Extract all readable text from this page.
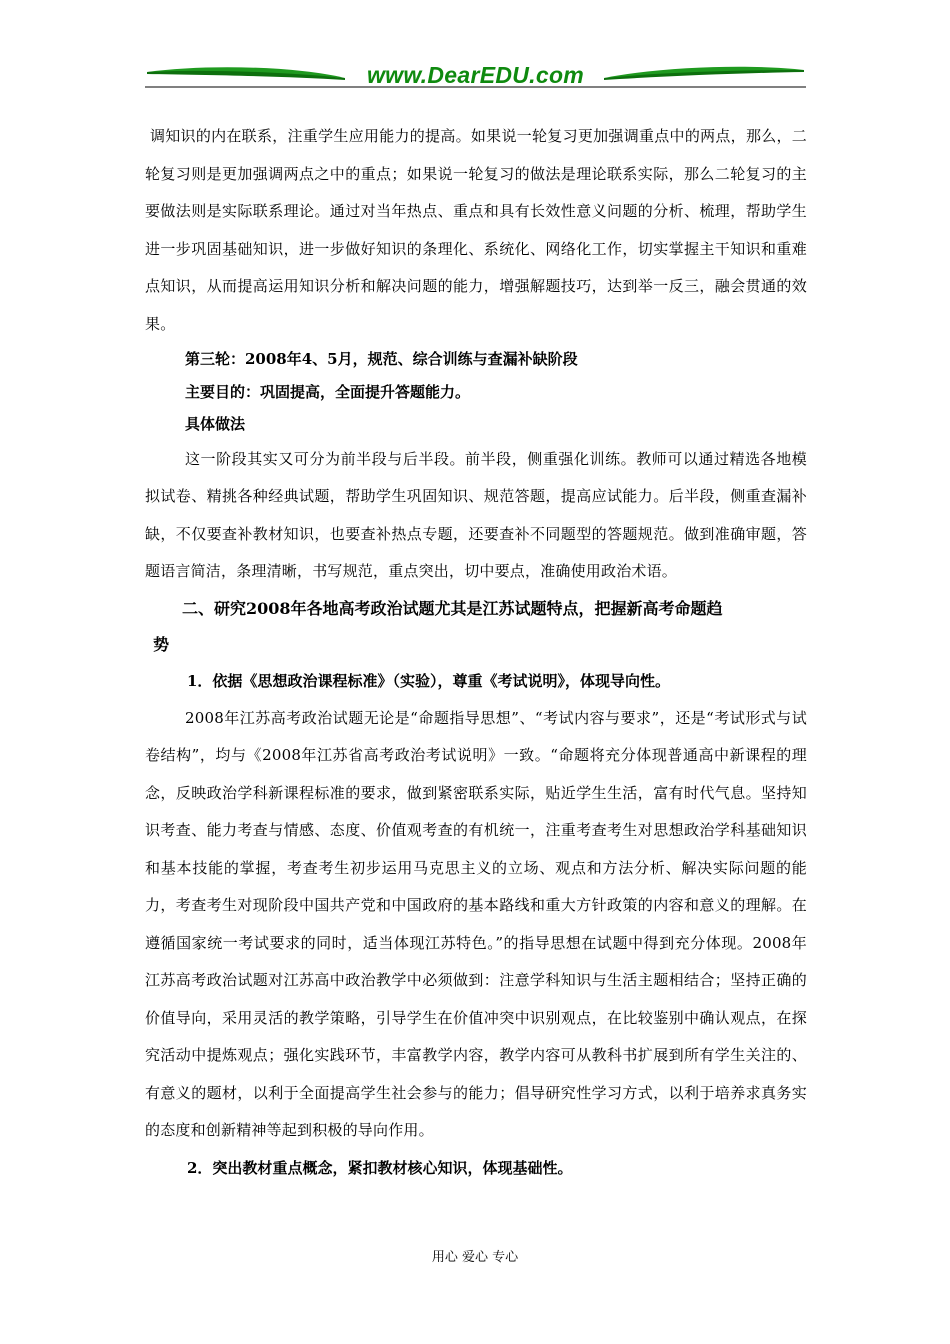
www.DearEDU.com

调知识的内在联系，注重学生应用能力的提高。如果说一轮复习更加强调重点中的两点，那么，二轮复习则是更加强调两点之中的重点；如果说一轮复习的做法是理论联系实际，那么二轮复习的主要做法则是实际联系理论。通过对当年热点、重点和具有长效性意义问题的分析、梳理，帮助学生进一步巩固基础知识，进一步做好知识的条理化、系统化、网络化工作，切实掌握主干知识和重难点知识，从而提高运用知识分析和解决问题的能力，增强解题技巧，达到举一反三，融会贯通的效果。

第三轮：2008年4、5月，规范、综合训练与查漏补缺阶段

主要目的：巩固提高，全面提升答题能力。

具体做法

这一阶段其实又可分为前半段与后半段。前半段，侧重强化训练。教师可以通过精选各地模拟试卷、精挑各种经典试题，帮助学生巩固知识、规范答题，提高应试能力。后半段，侧重查漏补缺，不仅要查补教材知识，也要查补热点专题，还要查补不同题型的答题规范。做到准确审题，答题语言简洁，条理清晰，书写规范，重点突出，切中要点，准确使用政治术语。

二、研究2008年各地高考政治试题尤其是江苏试题特点，把握新高考命题趋

势

1．依据《思想政治课程标准》（实验），尊重《考试说明》，体现导向性。

2008年江苏高考政治试题无论是“命题指导思想”、“考试内容与要求”，还是“考试形式与试卷结构”，均与《2008年江苏省高考政治考试说明》一致。“命题将充分体现普通高中新课程的理念，反映政治学科新课程标准的要求，做到紧密联系实际，贴近学生生活，富有时代气息。坚持知识考查、能力考查与情感、态度、价值观考查的有机统一，注重考查考生对思想政治学科基础知识和基本技能的掌握，考查考生初步运用马克思主义的立场、观点和方法分析、解决实际问题的能力，考查考生对现阶段中国共产党和中国政府的基本路线和重大方针政策的内容和意义的理解。在遵循国家统一考试要求的同时，适当体现江苏特色。”的指导思想在试题中得到充分体现。2008年江苏高考政治试题对江苏高中政治教学中必须做到：注意学科知识与生活主题相结合；坚持正确的价值导向，采用灵活的教学策略，引导学生在价值冲突中识别观点，在比较鉴别中确认观点，在探究活动中提炼观点；强化实践环节，丰富教学内容，教学内容可从教科书扩展到所有学生关注的、有意义的题材，以利于全面提高学生社会参与的能力；倡导研究性学习方式，以利于培养求真务实的态度和创新精神等起到积极的导向作用。

2．突出教材重点概念，紧扣教材核心知识，体现基础性。

用心 爱心 专心
